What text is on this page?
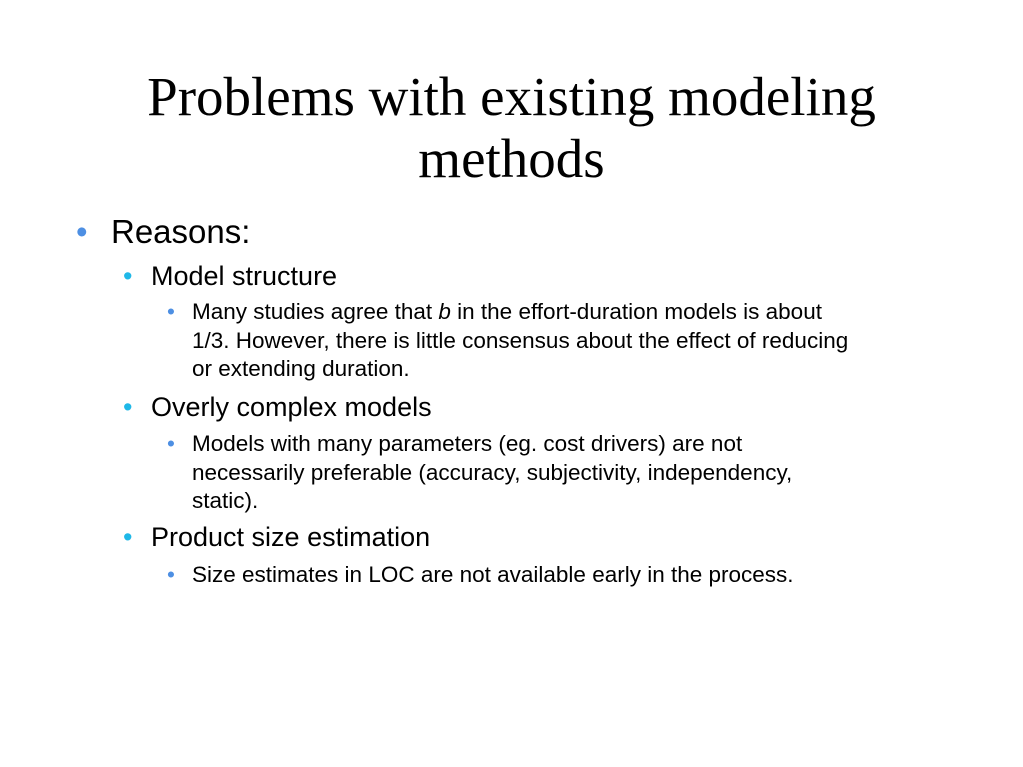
Problems with existing modeling
methods
• Reasons:
• Model structure
• Many studies agree that b in the effort-duration models is about
1/3. However, there is little consensus about the effect of reducing
or extending duration.
• Overly complex models
• Models with many parameters (eg. cost drivers) are not
necessarily preferable (accuracy, subjectivity, independency,
static).
• Product size estimation
• Size estimates in LOC are not available early in the process.
